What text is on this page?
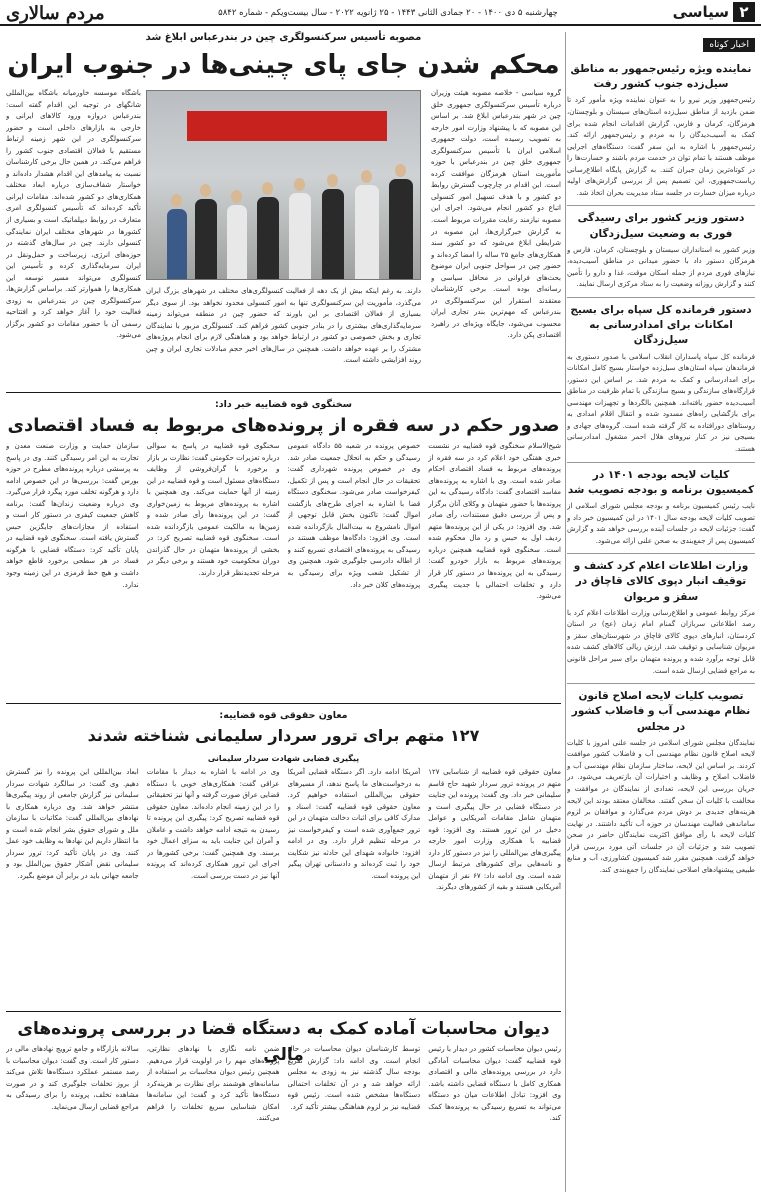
مردم سالاری	چهارشنبه ۵ دی ۱۴۰۰ - ۲۰ جمادی الثانی ۱۴۴۳ - ۲۵ ژانویه ۲۰۲۲ - سال بیست‌ویکم - شماره ۵۸۴۲	۲
سیاسی
اخبار کوتاه
نماینده ویژه رئیس‌جمهور به مناطق سیل‌زده جنوب کشور رفت
رئیس‌جمهور وزیر نیرو را به عنوان نماینده ویژه مأمور کرد تا ضمن بازدید از مناطق سیل‌زده استان‌های سیستان و بلوچستان، هرمزگان، کرمان و فارس، گزارش اقدامات انجام شده برای کمک به آسیب‌دیدگان را به مردم و رئیس‌جمهور ارائه کند. رئیس‌جمهور با اشاره به این سفر گفت: دستگاه‌های اجرایی موظف هستند با تمام توان در خدمت مردم باشند و خسارت‌ها را در کوتاه‌ترین زمان جبران کنند. به گزارش پایگاه اطلاع‌رسانی ریاست‌جمهوری، این تصمیم پس از بررسی گزارش‌های اولیه درباره میزان خسارت در جلسه ستاد مدیریت بحران اتخاذ شد.
دستور وزیر کشور برای رسیدگی فوری به وضعیت سیل‌زدگان
وزیر کشور به استانداران سیستان و بلوچستان، کرمان، فارس و هرمزگان دستور داد با حضور میدانی در مناطق آسیب‌دیده، نیازهای فوری مردم از جمله اسکان موقت، غذا و دارو را تأمین کنند و گزارش روزانه وضعیت را به ستاد مرکزی ارسال نمایند.
دستور فرمانده کل سپاه برای بسیج امکانات برای امدادرسانی به سیل‌زدگان
فرمانده کل سپاه پاسداران انقلاب اسلامی با صدور دستوری به فرماندهان سپاه استان‌های سیل‌زده خواستار بسیج کامل امکانات برای امدادرسانی و کمک به مردم شد. بر اساس این دستور، قرارگاه‌های سازندگی و بسیج سازندگی با تمام ظرفیت در مناطق آسیب‌دیده حضور یافته‌اند. همچنین بالگردها و تجهیزات مهندسی برای بازگشایی راه‌های مسدود شده و انتقال اقلام امدادی به روستاهای دورافتاده به کار گرفته شده است. گروه‌های جهادی و بسیجی نیز در کنار نیروهای هلال احمر مشغول امدادرسانی هستند.
کلیات لایحه بودجه ۱۴۰۱ در کمیسیون برنامه و بودجه تصویب شد
نایب رئیس کمیسیون برنامه و بودجه مجلس شورای اسلامی از تصویب کلیات لایحه بودجه سال ۱۴۰۱ در این کمیسیون خبر داد و گفت: جزئیات لایحه در جلسات آینده بررسی خواهد شد و گزارش کمیسیون پس از جمع‌بندی به صحن علنی ارائه می‌شود.
وزارت اطلاعات اعلام کرد کشف و توقیف انبار دپوی کالای قاچاق در سقز و مریوان
مرکز روابط عمومی و اطلاع‌رسانی وزارت اطلاعات اعلام کرد با رصد اطلاعاتی سربازان گمنام امام زمان (عج) در استان کردستان، انبارهای دپوی کالای قاچاق در شهرستان‌های سقز و مریوان شناسایی و توقیف شد. ارزش ریالی کالاهای کشف شده قابل توجه برآورد شده و پرونده متهمان برای سیر مراحل قانونی به مراجع قضایی ارسال شده است.
تصویب کلیات لایحه اصلاح قانون نظام مهندسی آب و فاضلاب کشور در مجلس
نمایندگان مجلس شورای اسلامی در جلسه علنی امروز با کلیات لایحه اصلاح قانون نظام مهندسی آب و فاضلاب کشور موافقت کردند. بر اساس این لایحه، ساختار سازمان نظام مهندسی آب و فاضلاب اصلاح و وظایف و اختیارات آن بازتعریف می‌شود. در جریان بررسی این لایحه، تعدادی از نمایندگان در موافقت و مخالفت با کلیات آن سخن گفتند. مخالفان معتقد بودند این لایحه هزینه‌های جدیدی بر دوش مردم می‌گذارد و موافقان بر لزوم ساماندهی فعالیت مهندسان در حوزه آب تأکید داشتند. در نهایت کلیات لایحه با رأی موافق اکثریت نمایندگان حاضر در صحن تصویب شد و جزئیات آن در جلسات آتی مورد بررسی قرار خواهد گرفت. همچنین مقرر شد کمیسیون کشاورزی، آب و منابع طبیعی پیشنهادهای اصلاحی نمایندگان را جمع‌بندی کند.
مصوبه تأسیس سرکنسولگری چین در بندرعباس ابلاغ شد
محکم شدن جای پای چینی‌ها در جنوب ایران
گروه سیاسی - خلاصه مصوبه هیئت وزیران درباره تأسیس سرکنسولگری جمهوری خلق چین در شهر بندرعباس ابلاغ شد. بر اساس این مصوبه که با پیشنهاد وزارت امور خارجه به تصویب رسیده است، دولت جمهوری اسلامی ایران با تأسیس سرکنسولگری جمهوری خلق چین در بندرعباس با حوزه مأموریت استان هرمزگان موافقت کرده است. این اقدام در چارچوب گسترش روابط دو کشور و با هدف تسهیل امور کنسولی اتباع دو کشور انجام می‌شود. اجرای این مصوبه نیازمند رعایت مقررات مربوط است. به گزارش خبرگزاری‌ها، این مصوبه در شرایطی ابلاغ می‌شود که دو کشور سند همکاری‌های جامع ۲۵ ساله را امضا کرده‌اند و حضور چین در سواحل جنوبی ایران موضوع بحث‌های فراوانی در محافل سیاسی و رسانه‌ای بوده است. برخی کارشناسان معتقدند استقرار این سرکنسولگری در بندرعباس که مهم‌ترین بندر تجاری ایران محسوب می‌شود، جایگاه ویژه‌ای در راهبرد اقتصادی پکن دارد.
دارند. به رغم اینکه بیش از یک دهه از فعالیت کنسولگری‌های مختلف در شهرهای بزرگ ایران می‌گذرد، مأموریت این سرکنسولگری تنها به امور کنسولی محدود نخواهد بود. از سوی دیگر بسیاری از فعالان اقتصادی بر این باورند که حضور چین در منطقه می‌تواند زمینه سرمایه‌گذاری‌های بیشتری را در بنادر جنوبی کشور فراهم کند. کنسولگری مزبور با نمایندگان تجاری و بخش خصوصی دو کشور در ارتباط خواهد بود و هماهنگی لازم برای انجام پروژه‌های مشترک را بر عهده خواهد داشت. همچنین در سال‌های اخیر حجم مبادلات تجاری ایران و چین روند افزایشی داشته است.
باشگاه موسسه خاورمیانه باشگاه بین‌المللی شانگهای در توجیه این اقدام گفته است: بندرعباس دروازه ورود کالاهای ایرانی و خارجی به بازارهای داخلی است و حضور سرکنسولگری در این شهر زمینه ارتباط مستقیم با فعالان اقتصادی جنوب کشور را فراهم می‌کند. در همین حال برخی کارشناسان نسبت به پیامدهای این اقدام هشدار داده‌اند و خواستار شفاف‌سازی درباره ابعاد مختلف همکاری‌های دو کشور شده‌اند. مقامات ایرانی تأکید کرده‌اند که تأسیس کنسولگری امری متعارف در روابط دیپلماتیک است و بسیاری از کشورها در شهرهای مختلف ایران نمایندگی کنسولی دارند. چین در سال‌های گذشته در حوزه‌های انرژی، زیرساخت و حمل‌ونقل در ایران سرمایه‌گذاری کرده و تأسیس این کنسولگری می‌تواند مسیر توسعه این همکاری‌ها را هموارتر کند. براساس گزارش‌ها، سرکنسولگری چین در بندرعباس به زودی فعالیت خود را آغاز خواهد کرد و افتتاحیه رسمی آن با حضور مقامات دو کشور برگزار می‌شود.
سخنگوی قوه قضاییه خبر داد:
صدور حکم در سه فقره از پرونده‌های مربوط به فساد اقتصادی
شیخ‌الاسلام سخنگوی قوه قضاییه در نشست خبری هفتگی خود اعلام کرد در سه فقره از پرونده‌های مربوط به فساد اقتصادی احکام صادر شده است. وی با اشاره به پرونده‌های مفاسد اقتصادی گفت: دادگاه رسیدگی به این پرونده‌ها با حضور متهمان و وکلای آنان برگزار و پس از بررسی دقیق مستندات، رأی صادر شد. وی افزود: در یکی از این پرونده‌ها متهم ردیف اول به حبس و رد مال محکوم شده است. سخنگوی قوه قضاییه همچنین درباره پرونده‌های مربوط به بازار خودرو گفت: رسیدگی به این پرونده‌ها در دستور کار قرار دارد و تخلفات احتمالی با جدیت پیگیری می‌شود.
خصوص پرونده در شعبه ۵۵ دادگاه عمومی رسیدگی و حکم به انحلال جمعیت صادر شد. وی در خصوص پرونده شهرداری گفت: تحقیقات در حال انجام است و پس از تکمیل، کیفرخواست صادر می‌شود. سخنگوی دستگاه قضا با اشاره به اجرای طرح‌های بازگشت اموال گفت: تاکنون بخش قابل توجهی از اموال نامشروع به بیت‌المال بازگردانده شده است. وی افزود: دادگاه‌ها موظف هستند در رسیدگی به پرونده‌های اقتصادی تسریع کنند و از اطاله دادرسی جلوگیری شود. همچنین وی از تشکیل شعب ویژه برای رسیدگی به پرونده‌های کلان خبر داد.
سخنگوی قوه قضاییه در پاسخ به سوالی درباره تعزیرات حکومتی گفت: نظارت بر بازار و برخورد با گران‌فروشی از وظایف دستگاه‌های مسئول است و قوه قضاییه در این زمینه از آنها حمایت می‌کند. وی همچنین با اشاره به پرونده‌های مربوط به زمین‌خواری گفت: در این پرونده‌ها رأی صادر شده و زمین‌ها به مالکیت عمومی بازگردانده شده است. سخنگوی قوه قضاییه تصریح کرد: در بخشی از پرونده‌ها متهمان در حال گذراندن دوران محکومیت خود هستند و برخی دیگر در مرحله تجدیدنظر قرار دارند.
سازمان حمایت و وزارت صنعت معدن و تجارت به این امر رسیدگی کنند. وی در پاسخ به پرسشی درباره پرونده‌های مطرح در حوزه بورس گفت: بررسی‌ها در این خصوص ادامه دارد و هرگونه تخلف مورد پیگرد قرار می‌گیرد. وی درباره وضعیت زندان‌ها گفت: برنامه کاهش جمعیت کیفری در دستور کار است و استفاده از مجازات‌های جایگزین حبس گسترش یافته است. سخنگوی قوه قضاییه در پایان تأکید کرد: دستگاه قضایی با هرگونه فساد در هر سطحی برخورد قاطع خواهد داشت و هیچ خط قرمزی در این زمینه وجود ندارد.
معاون حقوقی قوه قضاییه:
۱۲۷ متهم برای ترور سردار سلیمانی شناخته شدند
پیگیری قضایی شهادت سردار سلیمانی
معاون حقوقی قوه قضاییه از شناسایی ۱۲۷ متهم در پرونده ترور سردار شهید حاج قاسم سلیمانی خبر داد. وی گفت: پرونده این جنایت در دستگاه قضایی در حال پیگیری است و متهمان شامل مقامات آمریکایی و عوامل دخیل در این ترور هستند. وی افزود: قوه قضاییه با همکاری وزارت امور خارجه پیگیری‌های بین‌المللی را نیز در دستور کار دارد و نامه‌هایی برای کشورهای مرتبط ارسال شده است. وی ادامه داد: ۶۷ نفر از متهمان آمریکایی هستند و بقیه از کشورهای دیگرند.
آمریکا ادامه دارد. اگر دستگاه قضایی آمریکا به درخواست‌های ما پاسخ ندهد، از مسیرهای حقوقی بین‌المللی استفاده خواهیم کرد. معاون حقوقی قوه قضاییه گفت: اسناد و مدارک کافی برای اثبات دخالت متهمان در این ترور جمع‌آوری شده است و کیفرخواست نیز در مرحله تنظیم قرار دارد. وی در ادامه افزود: خانواده شهدای این حادثه نیز شکایت خود را ثبت کرده‌اند و دادستانی تهران پیگیر این پرونده است.
وی در ادامه با اشاره به دیدار با مقامات عراقی گفت: همکاری‌های خوبی با دستگاه قضایی عراق صورت گرفته و آنها نیز تحقیقاتی را در این زمینه انجام داده‌اند. معاون حقوقی قوه قضاییه تصریح کرد: پیگیری این پرونده تا رسیدن به نتیجه ادامه خواهد داشت و عاملان و آمران این جنایت باید به سزای اعمال خود برسند. وی همچنین گفت: برخی کشورها در اجرای این ترور همکاری کرده‌اند که پرونده آنها نیز در دست بررسی است.
ابعاد بین‌المللی این پرونده را نیز گسترش دهیم. وی گفت: در سالگرد شهادت سردار سلیمانی نیز گزارش جامعی از روند پیگیری‌ها منتشر خواهد شد. وی درباره همکاری با نهادهای بین‌المللی گفت: مکاتبات با سازمان ملل و شورای حقوق بشر انجام شده است و ما انتظار داریم این نهادها به وظایف خود عمل کنند. وی در پایان تأکید کرد: ترور سردار سلیمانی نقض آشکار حقوق بین‌الملل بود و جامعه جهانی باید در برابر آن موضع بگیرد.
دیوان محاسبات آماده کمک به دستگاه قضا در بررسی پرونده‌های مالی	رئیس دیوان محاسبات کشور در دیدار با رئیس قوه قضاییه گفت: دیوان محاسبات آمادگی دارد در بررسی پرونده‌های مالی و اقتصادی همکاری کامل با دستگاه قضایی داشته باشد. وی افزود: تبادل اطلاعات میان دو دستگاه می‌تواند به تسریع رسیدگی به پرونده‌ها کمک کند.
توسط کارشناسان دیوان محاسبات در حال انجام است. وی ادامه داد: گزارش تفریغ بودجه سال گذشته نیز به زودی به مجلس ارائه خواهد شد و در آن تخلفات احتمالی دستگاه‌ها مشخص شده است. رئیس قوه قضاییه نیز بر لزوم هماهنگی بیشتر تأکید کرد.
ضمن نامه نگاری با نهادهای نظارتی، پرونده‌های مهم را در اولویت قرار می‌دهیم. همچنین رئیس دیوان محاسبات بر استفاده از سامانه‌های هوشمند برای نظارت بر هزینه‌کرد دستگاه‌ها تأکید کرد و گفت: این سامانه‌ها امکان شناسایی سریع تخلفات را فراهم می‌کنند.
سالانه بازارگاه و جامع ترویج نهادهای مالی در دستور کار است. وی گفت: دیوان محاسبات با رصد مستمر عملکرد دستگاه‌ها تلاش می‌کند از بروز تخلفات جلوگیری کند و در صورت مشاهده تخلف، پرونده را برای رسیدگی به مراجع قضایی ارسال می‌نماید.
